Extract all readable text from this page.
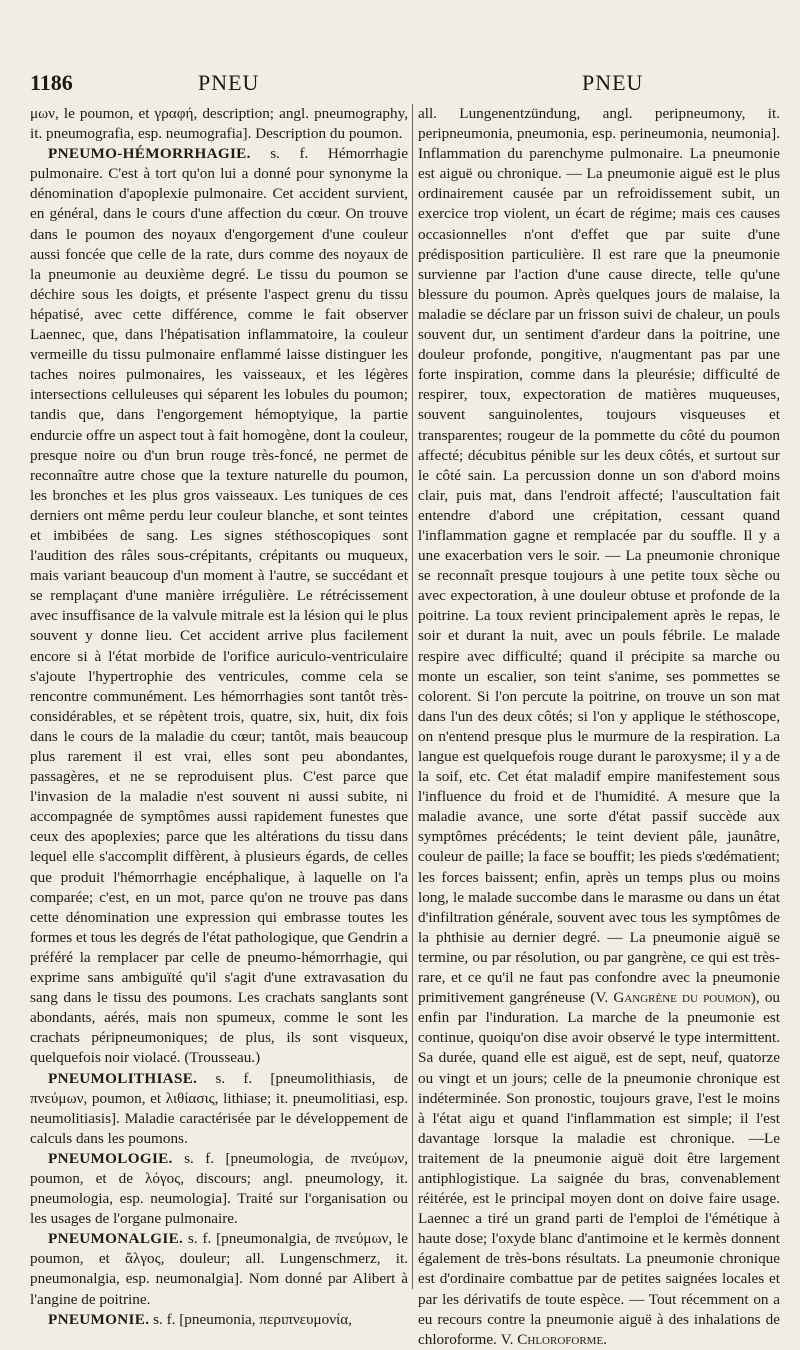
1186	PNEU	PNEU

μων, le poumon, et γραφή, description; angl. pneumography, it. pneumografia, esp. neumografia]. Description du poumon.

PNEUMO-HÉMORRHAGIE. s. f. Hémorrhagie pulmonaire. C'est à tort qu'on lui a donné pour synonyme la dénomination d'apoplexie pulmonaire. Cet accident survient, en général, dans le cours d'une affection du cœur. On trouve dans le poumon des noyaux d'engorgement d'une couleur aussi foncée que celle de la rate, durs comme des noyaux de la pneumonie au deuxième degré. Le tissu du poumon se déchire sous les doigts, et présente l'aspect grenu du tissu hépatisé, avec cette différence, comme le fait observer Laennec, que, dans l'hépatisation inflammatoire, la couleur vermeille du tissu pulmonaire enflammé laisse distinguer les taches noires pulmonaires, les vaisseaux, et les légères intersections celluleuses qui séparent les lobules du poumon; tandis que, dans l'engorgement hémoptyique, la partie endurcie offre un aspect tout à fait homogène, dont la couleur, presque noire ou d'un brun rouge très-foncé, ne permet de reconnaître autre chose que la texture naturelle du poumon, les bronches et les plus gros vaisseaux. Les tuniques de ces derniers ont même perdu leur couleur blanche, et sont teintes et imbibées de sang. Les signes stéthoscopiques sont l'audition des râles sous-crépitants, crépitants ou muqueux, mais variant beaucoup d'un moment à l'autre, se succédant et se remplaçant d'une manière irrégulière. Le rétrécissement avec insuffisance de la valvule mitrale est la lésion qui le plus souvent y donne lieu. Cet accident arrive plus facilement encore si à l'état morbide de l'orifice auriculo-ventriculaire s'ajoute l'hypertrophie des ventricules, comme cela se rencontre communément. Les hémorrhagies sont tantôt très-considérables, et se répètent trois, quatre, six, huit, dix fois dans le cours de la maladie du cœur; tantôt, mais beaucoup plus rarement il est vrai, elles sont peu abondantes, passagères, et ne se reproduisent plus. C'est parce que l'invasion de la maladie n'est souvent ni aussi subite, ni accompagnée de symptômes aussi rapidement funestes que ceux des apoplexies; parce que les altérations du tissu dans lequel elle s'accomplit diffèrent, à plusieurs égards, de celles que produit l'hémorrhagie encéphalique, à laquelle on l'a comparée; c'est, en un mot, parce qu'on ne trouve pas dans cette dénomination une expression qui embrasse toutes les formes et tous les degrés de l'état pathologique, que Gendrin a préféré la remplacer par celle de pneumo-hémorrhagie, qui exprime sans ambiguïté qu'il s'agit d'une extravasation du sang dans le tissu des poumons. Les crachats sanglants sont abondants, aérés, mais non spumeux, comme le sont les crachats péripneumoniques; de plus, ils sont visqueux, quelquefois noir violacé. (Trousseau.)

PNEUMOLITHIASE. s. f. [pneumolithiasis, de πνεύμων, poumon, et λιθίασις, lithiase; it. pneumolitiasi, esp. neumolitiasis]. Maladie caractérisée par le développement de calculs dans les poumons.

PNEUMOLOGIE. s. f. [pneumologia, de πνεύμων, poumon, et de λόγος, discours; angl. pneumology, it. pneumologia, esp. neumologia]. Traité sur l'organisation ou les usages de l'organe pulmonaire.

PNEUMONALGIE. s. f. [pneumonalgia, de πνεύμων, le poumon, et ἄλγος, douleur; all. Lungenschmerz, it. pneumonalgia, esp. neumonalgia]. Nom donné par Alibert à l'angine de poitrine.

PNEUMONIE. s. f. [pneumonia, περιπνευμονία,

all. Lungenentzündung, angl. peripneumony, it. peripneumonia, pneumonia, esp. perineumonia, neumonia]. Inflammation du parenchyme pulmonaire. La pneumonie est aiguë ou chronique. — La pneumonie aiguë est le plus ordinairement causée par un refroidissement subit, un exercice trop violent, un écart de régime; mais ces causes occasionnelles n'ont d'effet que par suite d'une prédisposition particulière. Il est rare que la pneumonie survienne par l'action d'une cause directe, telle qu'une blessure du poumon. Après quelques jours de malaise, la maladie se déclare par un frisson suivi de chaleur, un pouls souvent dur, un sentiment d'ardeur dans la poitrine, une douleur profonde, pongitive, n'augmentant pas par une forte inspiration, comme dans la pleurésie; difficulté de respirer, toux, expectoration de matières muqueuses, souvent sanguinolentes, toujours visqueuses et transparentes; rougeur de la pommette du côté du poumon affecté; décubitus pénible sur les deux côtés, et surtout sur le côté sain. La percussion donne un son d'abord moins clair, puis mat, dans l'endroit affecté; l'auscultation fait entendre d'abord une crépitation, cessant quand l'inflammation gagne et remplacée par du souffle. Il y a une exacerbation vers le soir. — La pneumonie chronique se reconnaît presque toujours à une petite toux sèche ou avec expectoration, à une douleur obtuse et profonde de la poitrine. La toux revient principalement après le repas, le soir et durant la nuit, avec un pouls fébrile. Le malade respire avec difficulté; quand il précipite sa marche ou monte un escalier, son teint s'anime, ses pommettes se colorent. Si l'on percute la poitrine, on trouve un son mat dans l'un des deux côtés; si l'on y applique le stéthoscope, on n'entend presque plus le murmure de la respiration. La langue est quelquefois rouge durant le paroxysme; il y a de la soif, etc. Cet état maladif empire manifestement sous l'influence du froid et de l'humidité. A mesure que la maladie avance, une sorte d'état passif succède aux symptômes précédents; le teint devient pâle, jaunâtre, couleur de paille; la face se bouffit; les pieds s'œdématient; les forces baissent; enfin, après un temps plus ou moins long, le malade succombe dans le marasme ou dans un état d'infiltration générale, souvent avec tous les symptômes de la phthisie au dernier degré. — La pneumonie aiguë se termine, ou par résolution, ou par gangrène, ce qui est très-rare, et ce qu'il ne faut pas confondre avec la pneumonie primitivement gangréneuse (V. Gangrène du poumon), ou enfin par l'induration. La marche de la pneumonie est continue, quoiqu'on dise avoir observé le type intermittent. Sa durée, quand elle est aiguë, est de sept, neuf, quatorze ou vingt et un jours; celle de la pneumonie chronique est indéterminée. Son pronostic, toujours grave, l'est le moins à l'état aigu et quand l'inflammation est simple; il l'est davantage lorsque la maladie est chronique. —Le traitement de la pneumonie aiguë doit être largement antiphlogistique. La saignée du bras, convenablement réitérée, est le principal moyen dont on doive faire usage. Laennec a tiré un grand parti de l'emploi de l'émétique à haute dose; l'oxyde blanc d'antimoine et le kermès donnent également de très-bons résultats. La pneumonie chronique est d'ordinaire combattue par de petites saignées locales et par les dérivatifs de toute espèce. — Tout récemment on a eu recours contre la pneumonie aiguë à des inhalations de chloroforme. V. Chloroforme.
